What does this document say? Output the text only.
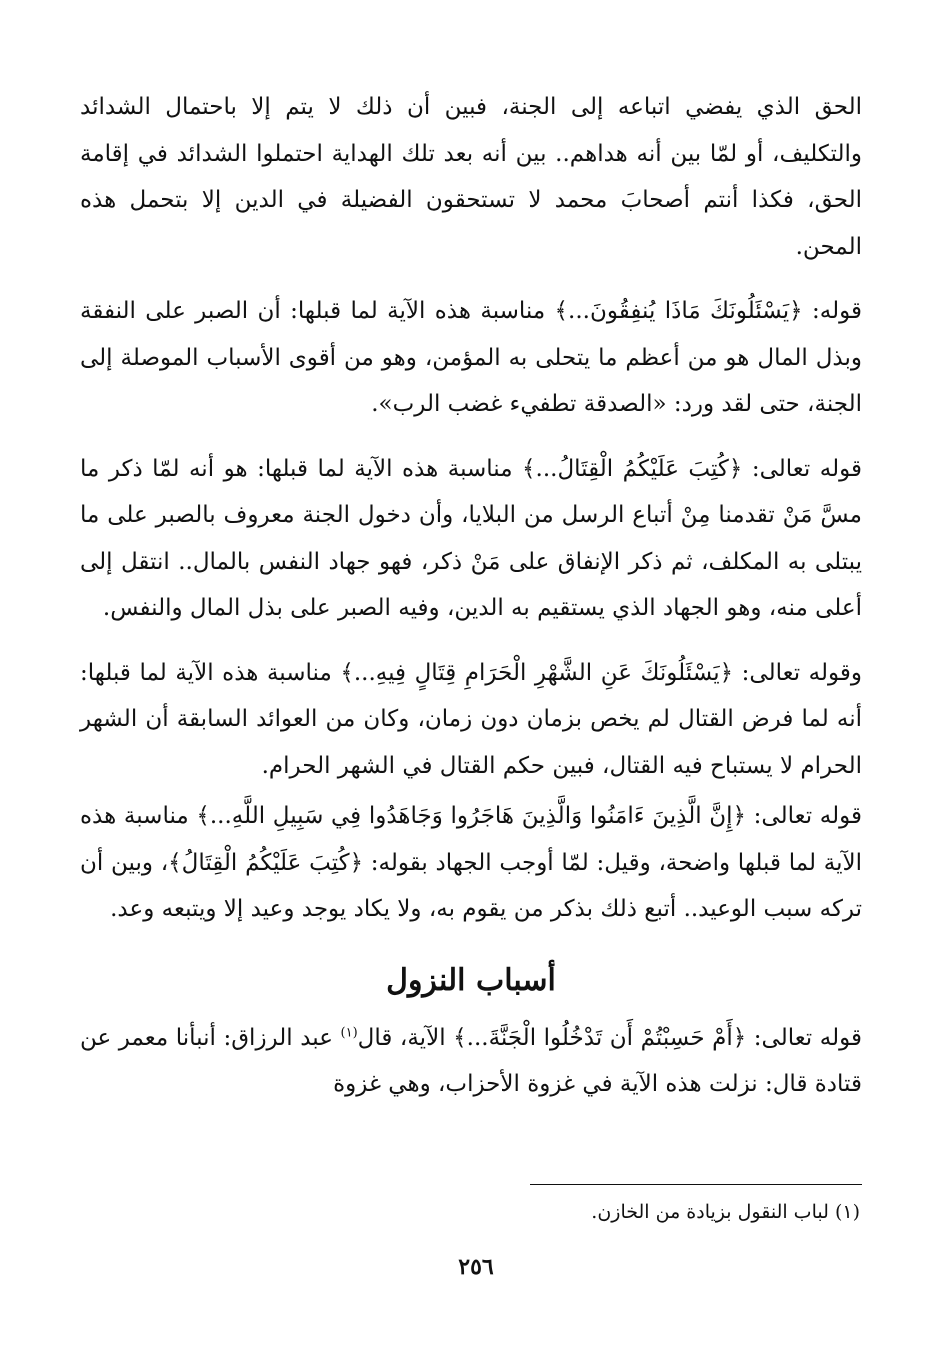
الحق الذي يفضي اتباعه إلى الجنة، فبين أن ذلك لا يتم إلا باحتمال الشدائد والتكليف، أو لمّا بين أنه هداهم.. بين أنه بعد تلك الهداية احتملوا الشدائد في إقامة الحق، فكذا أنتم أصحابَ محمد لا تستحقون الفضيلة في الدين إلا بتحمل هذه المحن.

قوله: ﴿يَسْئَلُونَكَ مَاذَا يُنفِقُونَ...﴾ مناسبة هذه الآية لما قبلها: أن الصبر على النفقة وبذل المال هو من أعظم ما يتحلى به المؤمن، وهو من أقوى الأسباب الموصلة إلى الجنة، حتى لقد ورد: «الصدقة تطفيء غضب الرب».

قوله تعالى: ﴿كُتِبَ عَلَيْكُمُ الْقِتَالُ...﴾ مناسبة هذه الآية لما قبلها: هو أنه لمّا ذكر ما مسَّ مَنْ تقدمنا مِنْ أتباع الرسل من البلايا، وأن دخول الجنة معروف بالصبر على ما يبتلى به المكلف، ثم ذكر الإنفاق على مَنْ ذكر، فهو جهاد النفس بالمال.. انتقل إلى أعلى منه، وهو الجهاد الذي يستقيم به الدين، وفيه الصبر على بذل المال والنفس.

وقوله تعالى: ﴿يَسْئَلُونَكَ عَنِ الشَّهْرِ الْحَرَامِ قِتَالٍ فِيهِ...﴾ مناسبة هذه الآية لما قبلها: أنه لما فرض القتال لم يخص بزمان دون زمان، وكان من العوائد السابقة أن الشهر الحرام لا يستباح فيه القتال، فبين حكم القتال في الشهر الحرام.

قوله تعالى: ﴿إِنَّ الَّذِينَ ءَامَنُوا وَالَّذِينَ هَاجَرُوا وَجَاهَدُوا فِي سَبِيلِ اللَّهِ...﴾ مناسبة هذه الآية لما قبلها واضحة، وقيل: لمّا أوجب الجهاد بقوله: ﴿كُتِبَ عَلَيْكُمُ الْقِتَالُ﴾، وبين أن تركه سبب الوعيد.. أتبع ذلك بذكر من يقوم به، ولا يكاد يوجد وعيد إلا ويتبعه وعد.

أسباب النزول

قوله تعالى: ﴿أَمْ حَسِبْتُمْ أَن تَدْخُلُوا الْجَنَّةَ...﴾ الآية، قال$^{(١)}$ عبد الرزاق: أنبأنا معمر عن قتادة قال: نزلت هذه الآية في غزوة الأحزاب، وهي غزوة

(١) لباب النقول بزيادة من الخازن.
٢٥٦
